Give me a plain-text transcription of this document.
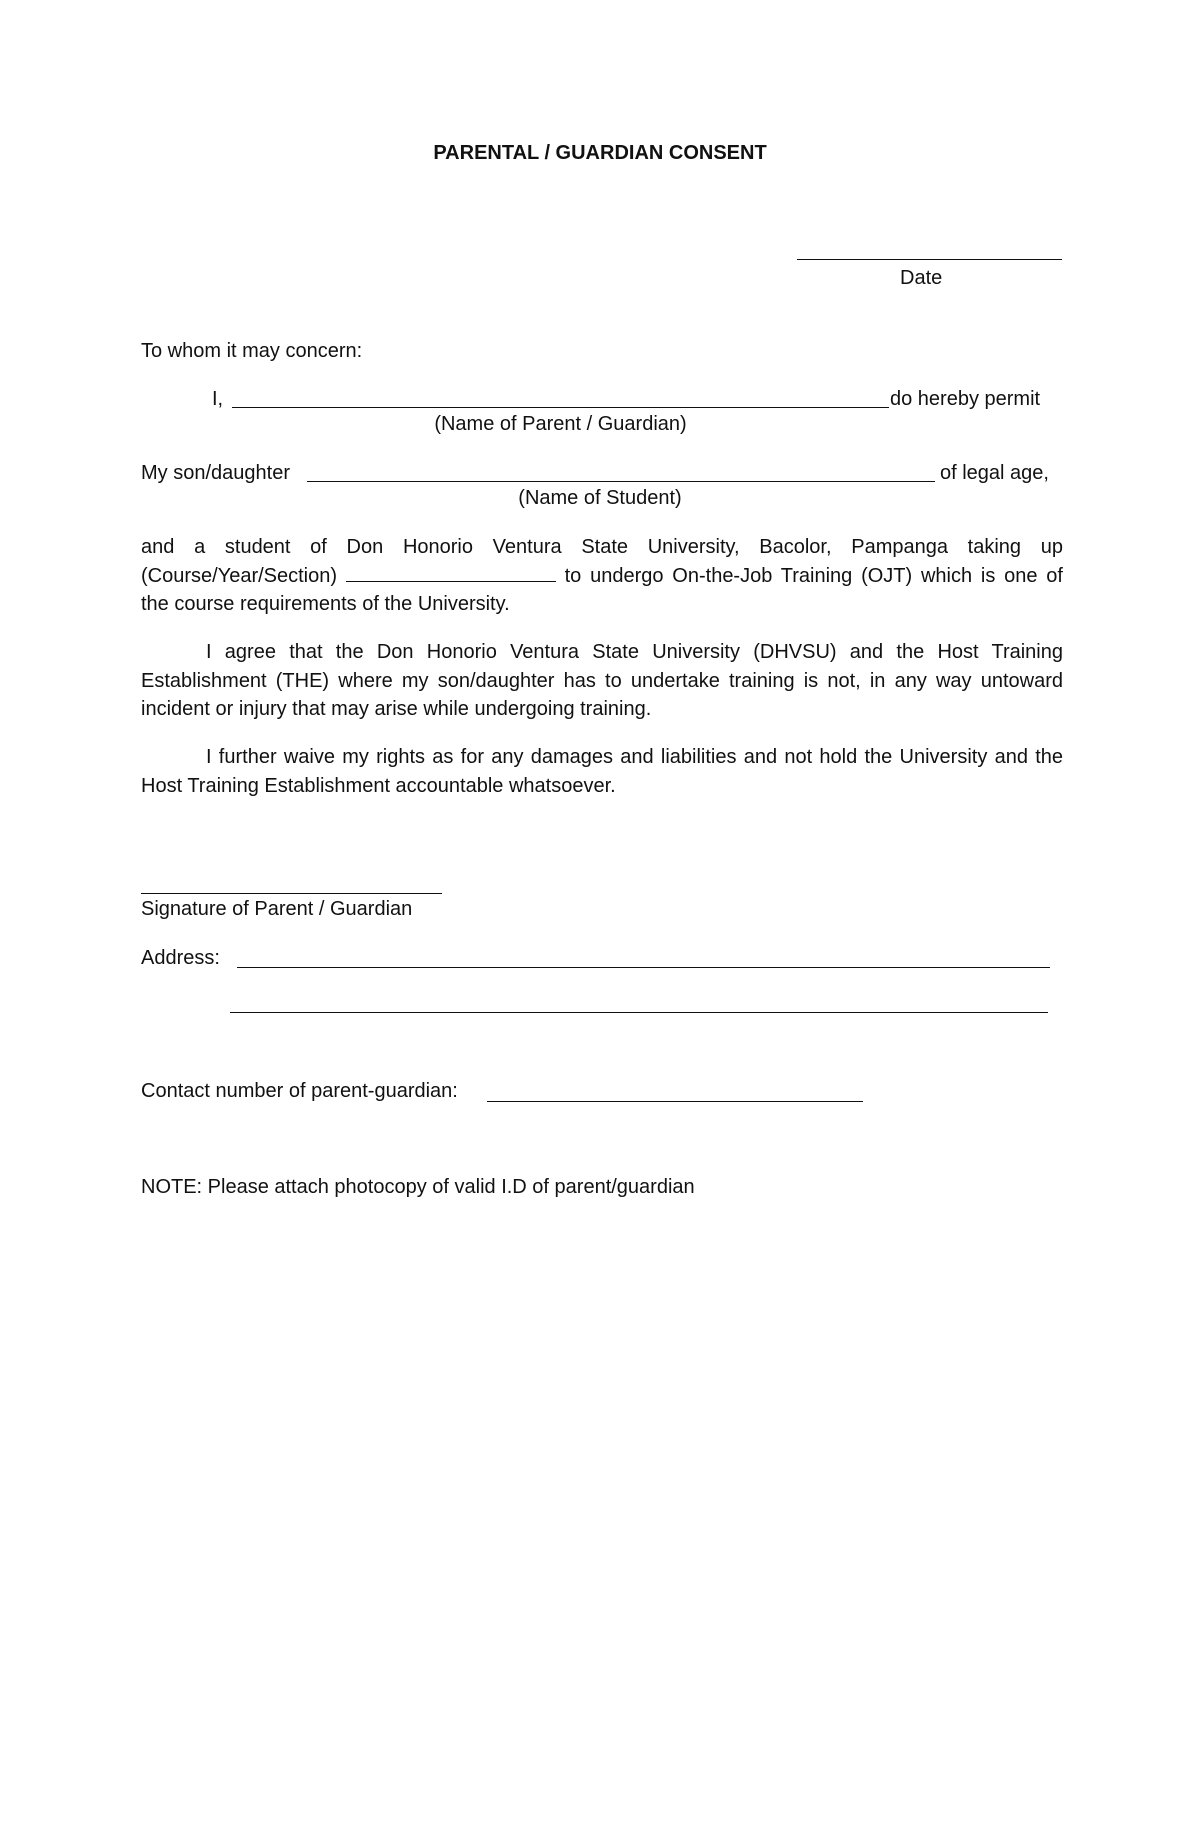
PARENTAL / GUARDIAN CONSENT
Date
To whom it may concern:
I,	do hereby permit
(Name of Parent / Guardian)
My son/daughter	of legal age,
(Name of Student)
and a student of Don Honorio Ventura State University, Bacolor, Pampanga taking up (Course/Year/Section)	to undergo On-the-Job Training (OJT) which is one of the course requirements of the University.
I agree that the Don Honorio Ventura State University (DHVSU) and the Host Training Establishment (THE) where my son/daughter has to undertake training is not, in any way untoward incident or injury that may arise while undergoing training.
I further waive my rights as for any damages and liabilities and not hold the University and the Host Training Establishment accountable whatsoever.
Signature of Parent / Guardian
Address:
Contact number of parent-guardian:
NOTE: Please attach photocopy of valid I.D of parent/guardian
